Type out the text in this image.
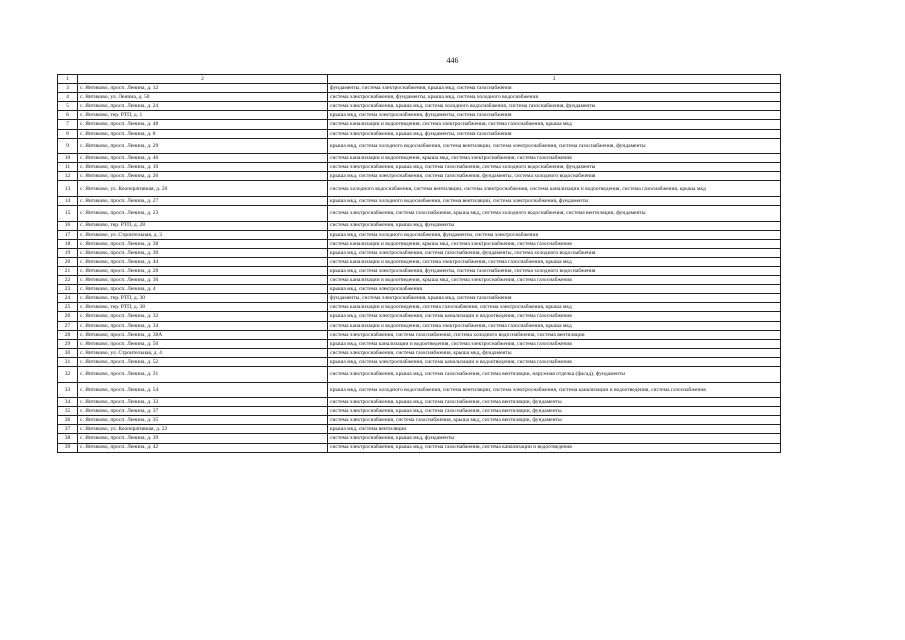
446
1	2	3
3	с. Янтиково, просп. Ленина, д. 12	фундаменты, система электроснабжения, крыша мкд, система газоснабжения
4	с. Янтиково, ул. Ленина, д. 50	система электроснабжения, фундаменты, крыша мкд, система холодного водоснабжения
5	с. Янтиково, просп. Ленина, д. 24	система электроснабжения, крыша мкд, система холодного водоснабжения, система газоснабжения, фундаменты
6	с. Янтиково, тер. РТП, д. 1	крыша мкд, система электроснабжения, фундаменты, система газоснабжения
7	с. Янтиково, просп. Ленина, д. 48	система канализации и водоотведения, система электроснабжения, система газоснабжения, крыша мкд
8	с. Янтиково, просп. Ленина, д. 8	система электроснабжения, крыша мкд, фундаменты, система газоснабжения
9	с. Янтиково, просп. Ленина, д. 29	крыша мкд, система холодного водоснабжения, система вентиляции, система электроснабжения, система газоснабжения, фундаменты
10	с. Янтиково, просп. Ленина, д. 46	система канализации и водоотведения, крыша мкд, система электроснабжения, система газоснабжения
11	с. Янтиково, просп. Ленина, д. 10	система электроснабжения, крыша мкд, система газоснабжения, система холодного водоснабжения, фундаменты
12	с. Янтиково, просп. Ленина, д. 26	крыша мкд, система электроснабжения, система газоснабжения, фундаменты, система холодного водоснабжения
13	с. Янтиково, ул. Кооперативная, д. 20	система холодного водоснабжения, система вентиляции, система электроснабжения, система канализации и водоотведения, система газоснабжения, крыша мкд
14	с. Янтиково, просп. Ленина, д. 27	крыша мкд, система холодного водоснабжения, система вентиляции, система электроснабжения, фундаменты
15	с. Янтиково, просп. Ленина, д. 23	система электроснабжения, система газоснабжения, крыша мкд, система холодного водоснабжения, система вентиляции, фундаменты
16	с. Янтиково, тер. РТП, д. 28	система электроснабжения, крыша мкд, фундаменты
17	с. Янтиково, ул. Строительная, д. 3	крыша мкд, система холодного водоснабжения, фундаменты, система электроснабжения
18	с. Янтиково, просп. Ленина, д. 38	система канализации и водоотведения, крыша мкд, система электроснабжения, система газоснабжения
19	с. Янтиково, просп. Ленина, д. 30	крыша мкд, система электроснабжения, система газоснабжения, фундаменты, система холодного водоснабжения
20	с. Янтиково, просп. Ленина, д. 44	система канализации и водоотведения, система электроснабжения, система газоснабжения, крыша мкд
21	с. Янтиково, просп. Ленина, д. 28	крыша мкд, система электроснабжения, фундаменты, система газоснабжения, система холодного водоснабжения
22	с. Янтиково, просп. Ленина, д. 36	система канализации и водоотведения, крыша мкд, система электроснабжения, система газоснабжения
23	с. Янтиково, просп. Ленина, д. 4	крыша мкд, система электроснабжения
24	с. Янтиково, тер. РТП, д. 30	фундаменты, система электроснабжения, крыша мкд, система газоснабжения
25	с. Янтиково, тер. РТП, д. 38	система канализации и водоотведения, система газоснабжения, система электроснабжения, крыша мкд
26	с. Янтиково, просп. Ленина, д. 32	крыша мкд, система электроснабжения, система канализации и водоотведения, система газоснабжения
27	с. Янтиково, просп. Ленина, д. 34	система канализации и водоотведения, система электроснабжения, система газоснабжения, крыша мкд
28	с. Янтиково, просп. Ленина, д. 38А	система электроснабжения, система газоснабжения, система холодного водоснабжения, система вентиляции
29	с. Янтиково, просп. Ленина, д. 50	крыша мкд, система канализации и водоотведения, система электроснабжения, система газоснабжения
30	с. Янтиково, ул. Строительная, д. 4	система электроснабжения, система газоснабжения, крыша мкд, фундаменты
31	с. Янтиково, просп. Ленина, д. 52	крыша мкд, система электроснабжения, система канализации и водоотведения, система газоснабжения
32	с. Янтиково, просп. Ленина, д. 31	система электроснабжения, крыша мкд, система газоснабжения, система вентиляции, наружная отделка (фасад), фундаменты
33	с. Янтиково, просп. Ленина, д. 54	крыша мкд, система холодного водоснабжения, система вентиляции, система электроснабжения, система канализации и водоотведения, система газоснабжения
34	с. Янтиково, просп. Ленина, д. 33	система электроснабжения, крыша мкд, система газоснабжения, система вентиляции, фундаменты
35	с. Янтиково, просп. Ленина, д. 37	система электроснабжения, крыша мкд, система газоснабжения, система вентиляции, фундаменты
36	с. Янтиково, просп. Ленина, д. 35	система электроснабжения, система газоснабжения, крыша мкд, система вентиляции, фундаменты
37	с. Янтиково, ул. Кооперативная, д. 22	крыша мкд, система вентиляции
38	с. Янтиково, просп. Ленина, д. 39	система электроснабжения, крыша мкд, фундаменты
39	с. Янтиково, просп. Ленина, д. 42	система электроснабжения, крыша мкд, система газоснабжения, система канализации и водоотведения
